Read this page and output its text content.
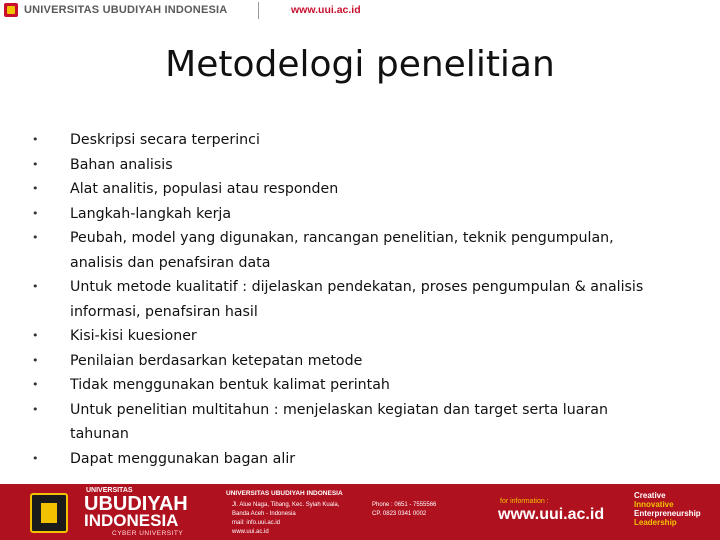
UNIVERSITAS UBUDIYAH INDONESIA	www.uui.ac.id
Metodelogi penelitian
• Deskripsi secara terperinci
• Bahan analisis
• Alat analitis, populasi atau responden
• Langkah-langkah kerja
• Peubah, model yang digunakan, rancangan penelitian, teknik pengumpulan,
analisis dan penafsiran data
• Untuk metode kualitatif : dijelaskan pendekatan, proses pengumpulan & analisis
informasi, penafsiran hasil
• Kisi-kisi kuesioner
• Penilaian berdasarkan ketepatan metode
• Tidak menggunakan bentuk kalimat perintah
• Untuk penelitian multitahun : menjelaskan kegiatan dan target serta luaran
tahunan
• Dapat menggunakan bagan alir
UNIVERSITAS
UBUDIYAH
INDONESIA
CYBER UNIVERSITY
UNIVERSITAS UBUDIYAH INDONESIA
Jl. Alue Naga, Tibang, Kec. Syiah Kuala,
Banda Aceh - Indonesia
mail: info.uui.ac.id
www.uui.ac.id
Phone : 0651 - 7555566
CP. 0823 0341 0002
for information :
www.uui.ac.id
Creative
Innovative
Enterpreneurship
Leadership
